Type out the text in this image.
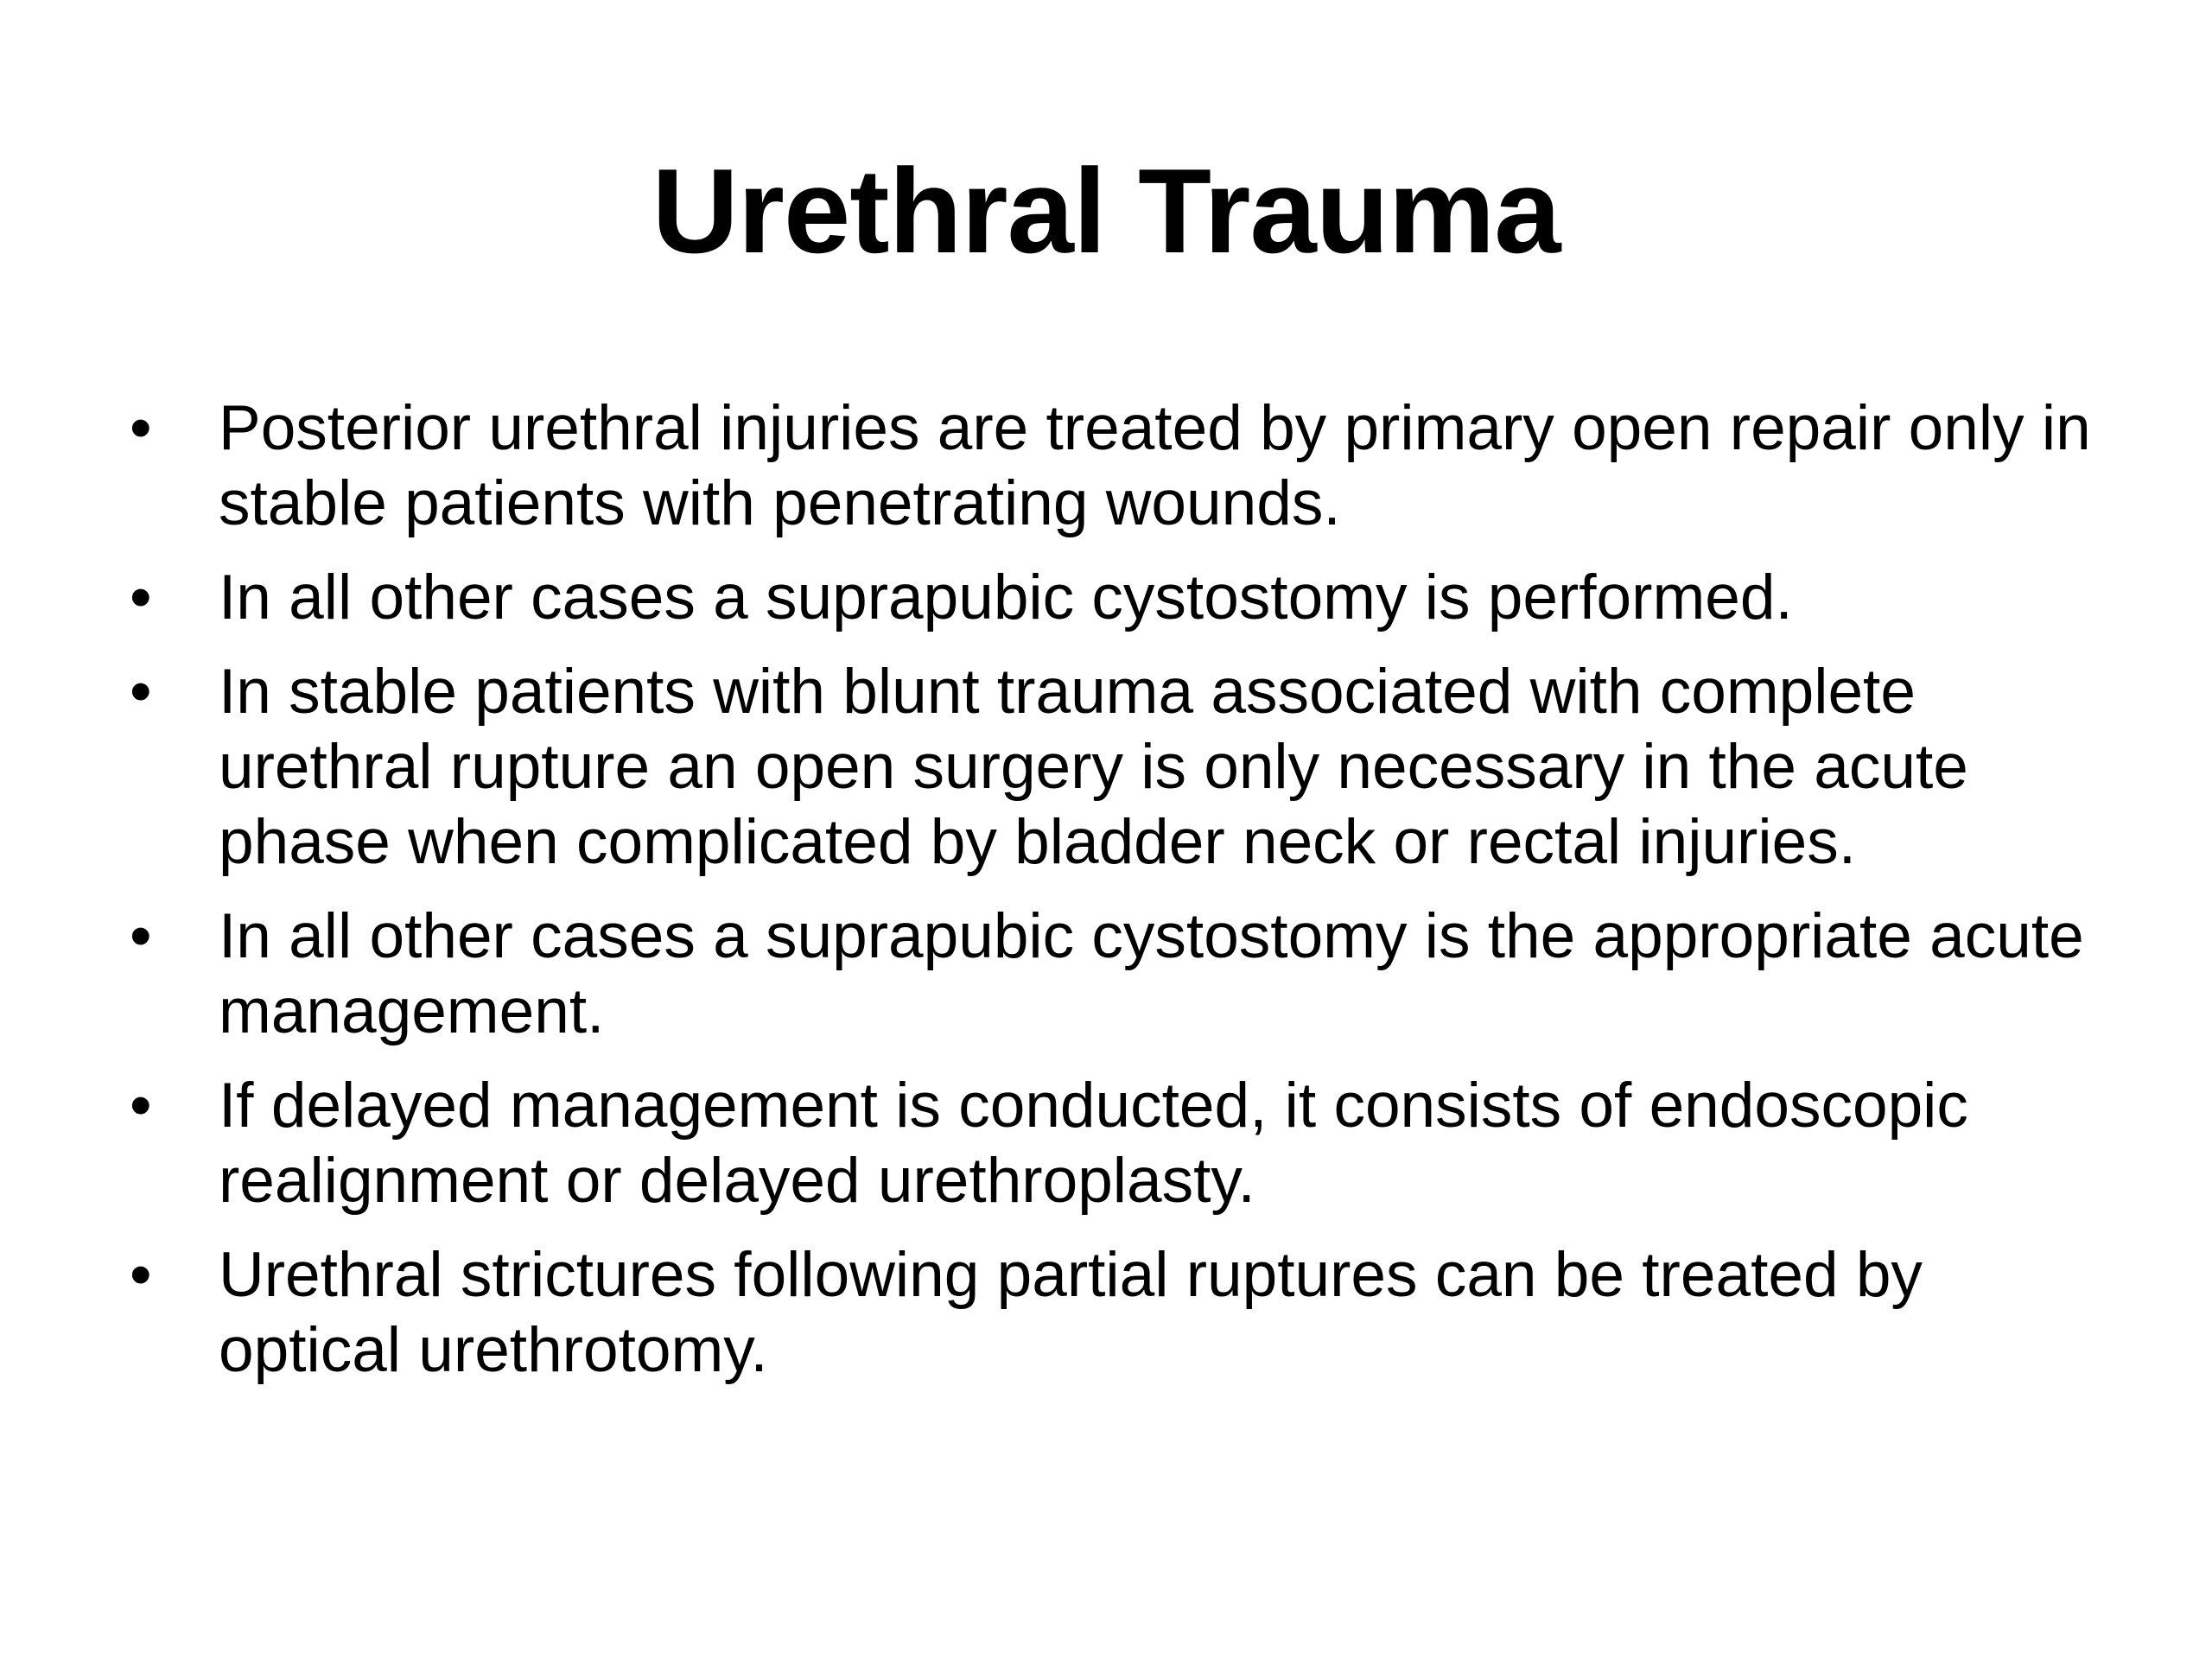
Urethral Trauma
•	Posterior urethral injuries are treated by primary open repair only in stable patients with penetrating wounds.
•	In all other cases a suprapubic cystostomy is performed.
•	In stable patients with blunt trauma associated with complete urethral rupture an open surgery is only necessary in the acute phase when complicated by bladder neck or rectal injuries.
•	In all other cases a suprapubic cystostomy is the appropriate acute management.
•	If delayed management is conducted, it consists of endoscopic realignment or delayed urethroplasty.
•	Urethral strictures following partial ruptures can be treated by optical urethrotomy.
